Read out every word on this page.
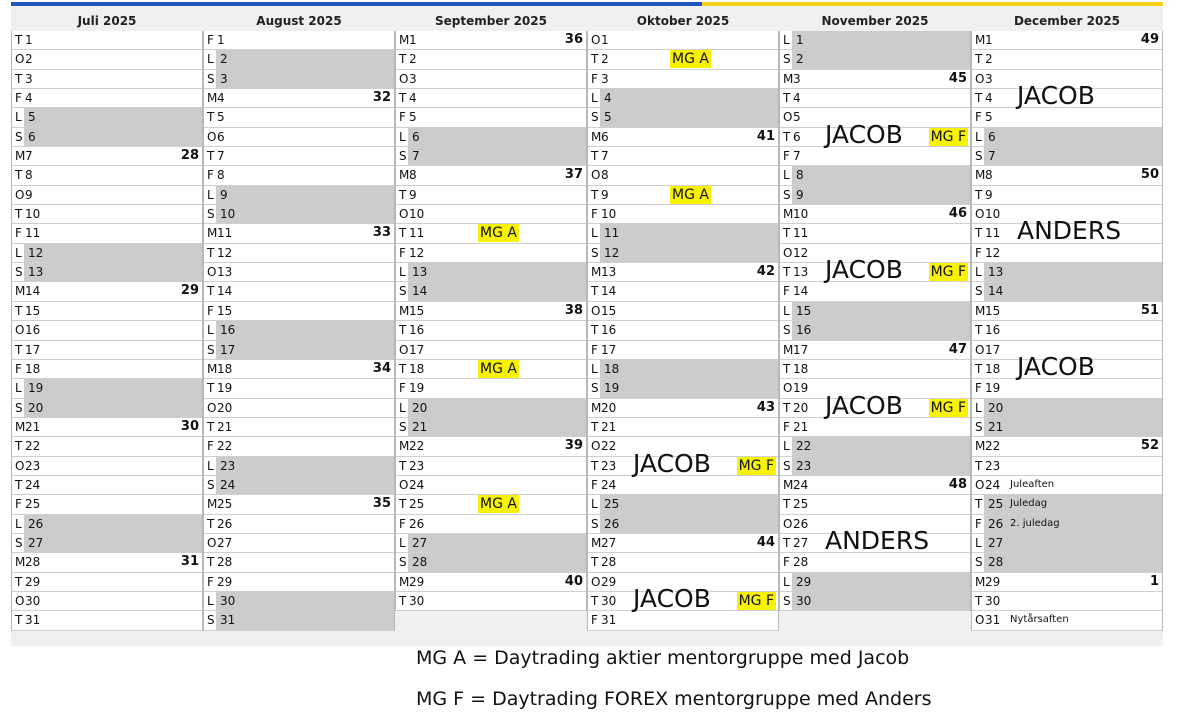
Juli 2025
T 1
O 2
T 3
F 4
L 5
S 6
M 7	28
T 8
O 9
T 10
F 11
L 12
S 13
M 14	29
T 15
O 16
T 17
F 18
L 19
S 20
M 21	30
T 22
O 23
T 24
F 25
L 26
S 27
M 28	31
T 29
O 30
T 31
August 2025
F 1
L 2
S 3
M 4	32
T 5
O 6
T 7
F 8
L 9
S 10
M 11	33
T 12
O 13
T 14
F 15
L 16
S 17
M 18	34
T 19
O 20
T 21
F 22
L 23
S 24
M 25	35
T 26
O 27
T 28
F 29
L 30
S 31
September 2025
M 1	36
T 2
O 3
T 4
F 5
L 6
S 7
M 8	37
T 9
O 10
T 11	MG A
F 12
L 13
S 14
M 15	38
T 16
O 17
T 18	MG A
F 19
L 20
S 21
M 22	39
T 23
O 24
T 25	MG A
F 26
L 27
S 28
M 29	40
T 30
Oktober 2025
O 1
T 2	MG A
F 3
L 4
S 5
M 6	41
T 7
O 8
T 9	MG A
F 10
L 11
S 12
M 13	42
T 14
O 15
T 16
F 17
L 18
S 19
M 20	43
T 21
O 22
T 23 JACOB MG F
F 24
L 25
S 26
M 27	44
T 28
O 29
T 30 JACOB MG F
F 31
November 2025
L 1
S 2
M 3	45
T 4
O 5
T 6 JACOB MG F
F 7
L 8
S 9
M 10	46
T 11
O 12
T 13 JACOB MG F
F 14
L 15
S 16
M 17	47
T 18
O 19
T 20 JACOB MG F
F 21
L 22
S 23
M 24	48
T 25
O 26
T 27 ANDERS
F 28
L 29
S 30
December 2025
M 1	49
T 2
O 3
T 4 JACOB
F 5
L 6
S 7
M 8	50
T 9
O 10
T 11 ANDERS
F 12
L 13
S 14
M 15	51
T 16
O 17
T 18 JACOB
F 19
L 20
S 21
M 22	52
T 23
O 24 Juleaften
T 25 Juledag
F 26 2. juledag
L 27
S 28
M 29	1
T 30
O 31 Nytårsaften
MG A = Daytrading aktier mentorgruppe med Jacob
MG F = Daytrading FOREX mentorgruppe med Anders
